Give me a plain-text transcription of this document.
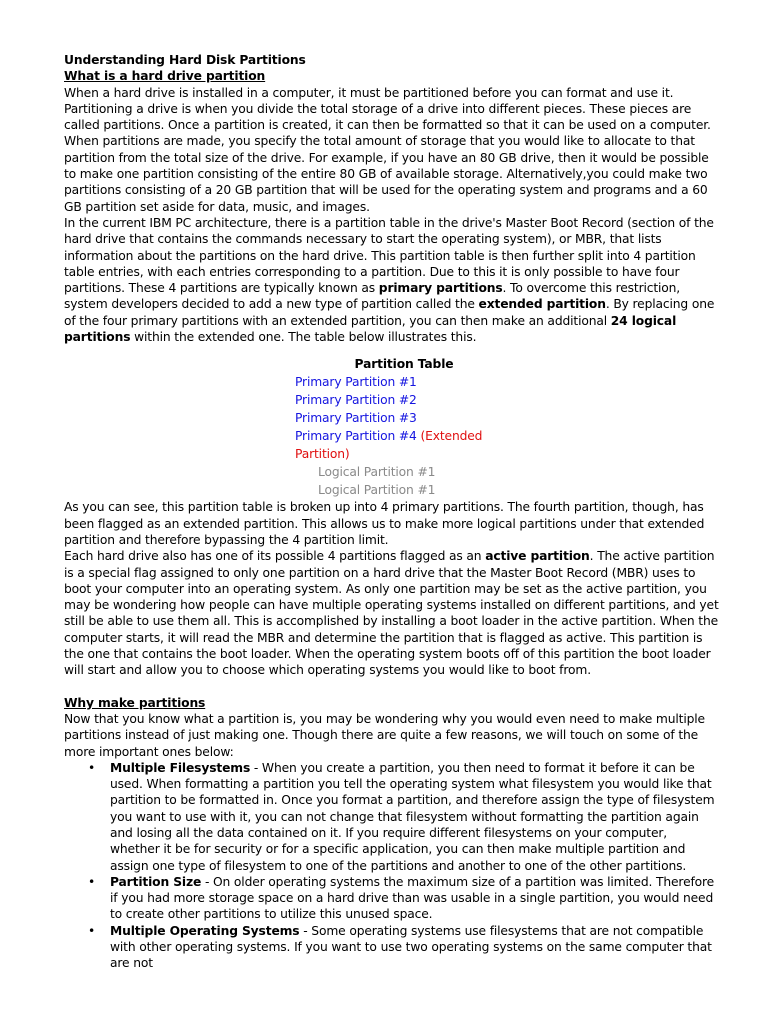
Understanding Hard Disk Partitions

What is a hard drive partition

When a hard drive is installed in a computer, it must be partitioned before you can format and use it. Partitioning a drive is when you divide the total storage of a drive into different pieces. These pieces are called partitions. Once a partition is created, it can then be formatted so that it can be used on a computer. When partitions are made, you specify the total amount of storage that you would like to allocate to that partition from the total size of the drive. For example, if you have an 80 GB drive, then it would be possible to make one partition consisting of the entire 80 GB of available storage. Alternatively,you could make two partitions consisting of a 20 GB partition that will be used for the operating system and programs and a 60 GB partition set aside for data, music, and images.

In the current IBM PC architecture, there is a partition table in the drive's Master Boot Record (section of the hard drive that contains the commands necessary to start the operating system), or MBR, that lists information about the partitions on the hard drive. This partition table is then further split into 4 partition table entries, with each entries corresponding to a partition. Due to this it is only possible to have four partitions. These 4 partitions are typically known as primary partitions. To overcome this restriction, system developers decided to add a new type of partition called the extended partition. By replacing one of the four primary partitions with an extended partition, you can then make an additional 24 logical partitions within the extended one. The table below illustrates this.

Partition Table

Primary Partition #1

Primary Partition #2

Primary Partition #3

Primary Partition #4 (Extended Partition)

Logical Partition #1

Logical Partition #1

As you can see, this partition table is broken up into 4 primary partitions. The fourth partition, though, has been flagged as an extended partition. This allows us to make more logical partitions under that extended partition and therefore bypassing the 4 partition limit.

Each hard drive also has one of its possible 4 partitions flagged as an active partition. The active partition is a special flag assigned to only one partition on a hard drive that the Master Boot Record (MBR) uses to boot your computer into an operating system. As only one partition may be set as the active partition, you may be wondering how people can have multiple operating systems installed on different partitions, and yet still be able to use them all. This is accomplished by installing a boot loader in the active partition. When the computer starts, it will read the MBR and determine the partition that is flagged as active. This partition is the one that contains the boot loader. When the operating system boots off of this partition the boot loader will start and allow you to choose which operating systems you would like to boot from.

Why make partitions

Now that you know what a partition is, you may be wondering why you would even need to make multiple partitions instead of just making one. Though there are quite a few reasons, we will touch on some of the more important ones below:

• Multiple Filesystems - When you create a partition, you then need to format it before it can be used. When formatting a partition you tell the operating system what filesystem you would like that partition to be formatted in. Once you format a partition, and therefore assign the type of filesystem you want to use with it, you can not change that filesystem without formatting the partition again and losing all the data contained on it. If you require different filesystems on your computer, whether it be for security or for a specific application, you can then make multiple partition and assign one type of filesystem to one of the partitions and another to one of the other partitions.
• Partition Size - On older operating systems the maximum size of a partition was limited. Therefore if you had more storage space on a hard drive than was usable in a single partition, you would need to create other partitions to utilize this unused space.
• Multiple Operating Systems - Some operating systems use filesystems that are not compatible with other operating systems. If you want to use two operating systems on the same computer that are not
